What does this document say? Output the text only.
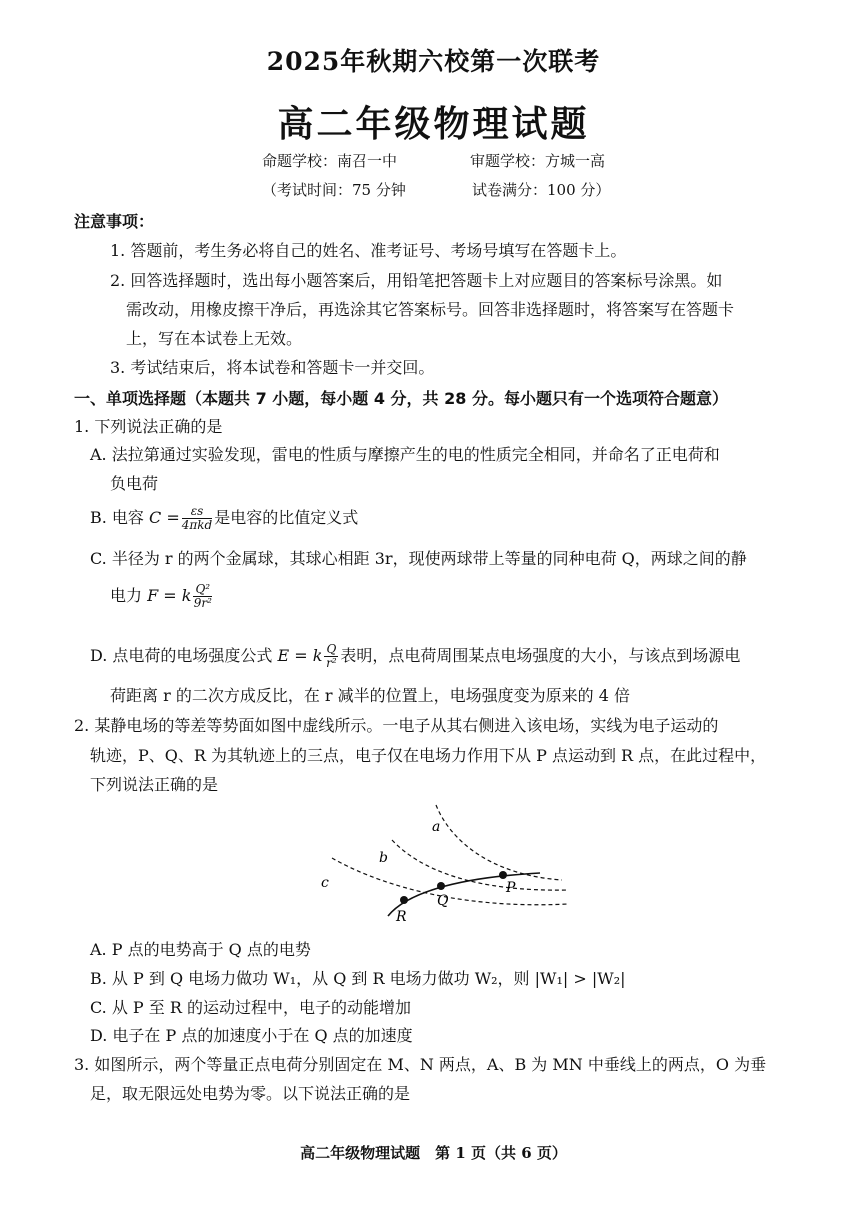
2025年秋期六校第一次联考
高二年级物理试题
命题学校：南召一中	审题学校：方城一高
（考试时间：75 分钟	试卷满分：100 分）
注意事项：
1. 答题前，考生务必将自己的姓名、准考证号、考场号填写在答题卡上。
2. 回答选择题时，选出每小题答案后，用铅笔把答题卡上对应题目的答案标号涂黑。如
需改动，用橡皮擦干净后，再选涂其它答案标号。回答非选择题时，将答案写在答题卡
上，写在本试卷上无效。
3. 考试结束后，将本试卷和答题卡一并交回。
一、单项选择题（本题共 7 小题，每小题 4 分，共 28 分。每小题只有一个选项符合题意）
1. 下列说法正确的是
A. 法拉第通过实验发现，雷电的性质与摩擦产生的电的性质完全相同，并命名了正电荷和
负电荷
B. 电容 $C = \frac{\varepsilon s}{\text{4πkd}}$ 是电容的比值定义式
C. 半径为 r 的两个金属球，其球心相距 3r，现使两球带上等量的同种电荷 Q，两球之间的静
电力 F = k $\frac{\text{Q²}}{\text{9r²}}$
D. 点电荷的电场强度公式 E = k $\frac{Q}{\text{r²}}$ 表明，点电荷周围某点电场强度的大小，与该点到场源电
荷距离 r 的二次方成反比，在 r 减半的位置上，电场强度变为原来的 4 倍
2. 某静电场的等差等势面如图中虚线所示。一电子从其右侧进入该电场，实线为电子运动的
轨迹，P、Q、R 为其轨迹上的三点，电子仅在电场力作用下从 P 点运动到 R 点，在此过程中，
下列说法正确的是
a
b
c	P
Q
R
A. P 点的电势高于 Q 点的电势
B. 从 P 到 Q 电场力做功 W₁，从 Q 到 R 电场力做功 W₂，则 |W₁| > |W₂|
C. 从 P 至 R 的运动过程中，电子的动能增加
D. 电子在 P 点的加速度小于在 Q 点的加速度
3. 如图所示，两个等量正点电荷分别固定在 M、N 两点，A、B 为 MN 中垂线上的两点，O 为垂
足，取无限远处电势为零。以下说法正确的是
高二年级物理试题　第 1 页（共 6 页）
